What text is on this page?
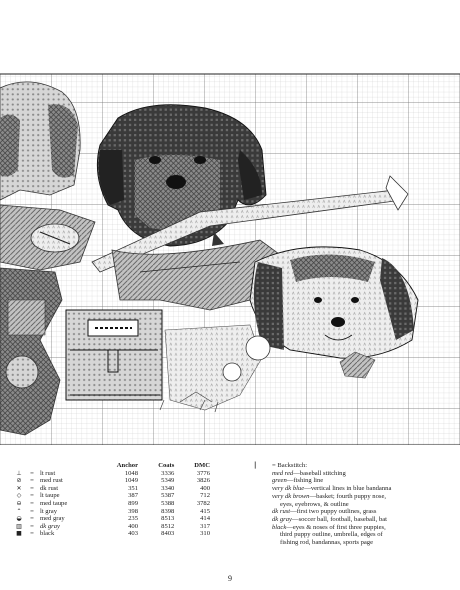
			Anchor	Coats	DMC
⊥	=	lt rust	1048	3336	3776
⊘	=	med rust	1049	5349	3826
✕	=	dk rust	351	3340	400
◇	=	lt taupe	387	5387	712
⊖	=	med taupe	899	5388	3782
⌃	=	lt gray	398	8398	415
◒	=	med gray	235	8513	414
▥	=	dk gray	400	8512	317
■	=	black	403	8403	310
|	= Backstitch:
med red—baseball stitching
green—fishing line
very dk blue—vertical lines in blue bandanna
very dk brown—basket; fourth puppy nose,
eyes, eyebrows, & outline
dk rust—first two puppy outlines, grass
dk gray—soccer ball, football, baseball, bat
black—eyes & noses of first three puppies,
third puppy outline, umbrella, edges of
fishing rod, bandannas, sports page
9
